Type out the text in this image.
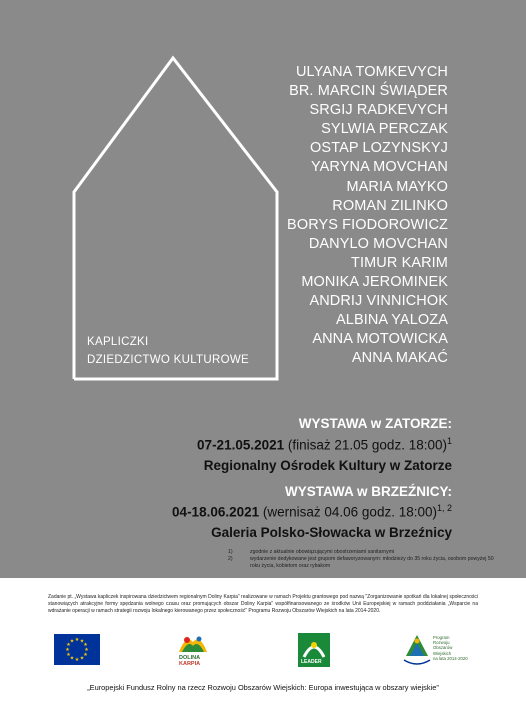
KAPLICZKI
DZIEDZICTWO KULTUROWE
ULYANA TOMKEVYCH
BR. MARCIN ŚWIĄDER
SRGIJ RADKEVYCH
SYLWIA PERCZAK
OSTAP LOZYNSKYJ
YARYNA MOVCHAN
MARIA MAYKO
ROMAN ZILINKO
BORYS FIODOROWICZ
DANYLO MOVCHAN
TIMUR KARIM
MONIKA JEROMINEK
ANDRIJ VINNICHOK
ALBINA YALOZA
ANNA MOTOWICKA
ANNA MAKAĆ
WYSTAWA w ZATORZE:
07-21.05.2021 (finisaż 21.05 godz. 18:00)$^1$
Regionalny Ośrodek Kultury w Zatorze
WYSTAWA w BRZEŹNICY:
04-18.06.2021 (wernisaż 04.06 godz. 18:00)$^{1, 2}$
Galeria Polsko-Słowacka w Brzeźnicy
1)	zgodnie z aktualnie obowiązującymi obostrzeniami sanitarnymi
2)	wydarzenie dedykowane jest grupom defaworyzowanym: młodzieży do 35 roku życia, osobom powyżej 50 roku życia, kobietom oraz rybakom
Zadanie pt. „Wystawa kapliczek inspirowana dziedzictwem regionalnym Doliny Karpia” realizowane w ramach Projektu grantowego pod nazwą "Zorganizowanie spotkań dla lokalnej społeczności stanowiących atrakcyjne formy spędzania wolnego czasu oraz promujących obszar Doliny Karpia" współfinansowanego ze środków Unii Europejskiej w ramach poddziałania „Wsparcie na wdrażanie operacji w ramach strategii rozwoju lokalnego kierowanego przez społeczność” Programu Rozwoju Obszarów Wiejskich na lata 2014-2020.
★ ★
★
★
★
★
★
★
★
★
★
★
DOLINA
KARPIA	LEADER
Program
Rozwoju
Obszarów
Wiejskich
na lata 2014-2020
„Europejski Fundusz Rolny na rzecz Rozwoju Obszarów Wiejskich: Europa inwestująca w obszary wiejskie”
